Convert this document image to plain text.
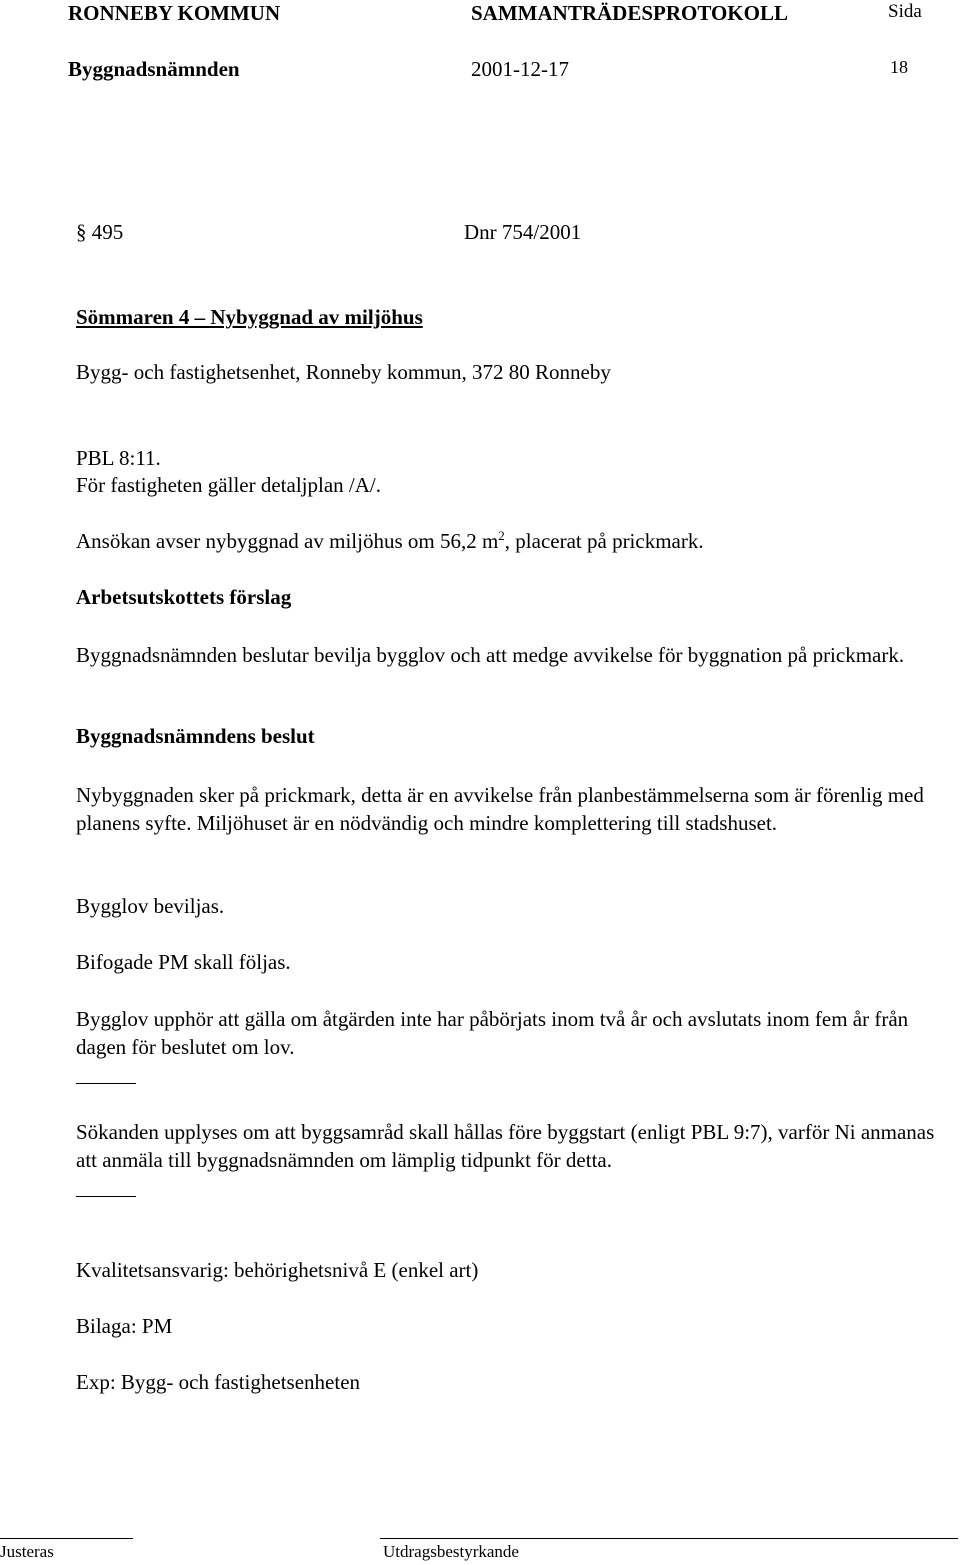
RONNEBY KOMMUN	SAMMANTRÄDESPROTOKOLL	Sida
Byggnadsnämnden	2001-12-17	18
§ 495	Dnr 754/2001
Sömmaren 4 – Nybyggnad av miljöhus
Bygg- och fastighetsenhet, Ronneby kommun, 372 80 Ronneby
PBL 8:11.
För fastigheten gäller detaljplan /A/.
Ansökan avser nybyggnad av miljöhus om 56,2 $m^2$, placerat på prickmark.
Arbetsutskottets förslag
Byggnadsnämnden beslutar bevilja bygglov och att medge avvikelse för byggnation på prickmark.
Byggnadsnämndens beslut
Nybyggnaden sker på prickmark, detta är en avvikelse från planbestämmelserna som är förenlig med planens syfte. Miljöhuset är en nödvändig och mindre komplettering till stadshuset.
Bygglov beviljas.
Bifogade PM skall följas.
Bygglov upphör att gälla om åtgärden inte har påbörjats inom två år och avslutats inom fem år från dagen för beslutet om lov.
Sökanden upplyses om att byggsamråd skall hållas före byggstart (enligt PBL 9:7), varför Ni anmanas att anmäla till byggnadsnämnden om lämplig tidpunkt för detta.
Kvalitetsansvarig: behörighetsnivå E (enkel art)
Bilaga: PM
Exp: Bygg- och fastighetsenheten
Justeras	Utdragsbestyrkande
